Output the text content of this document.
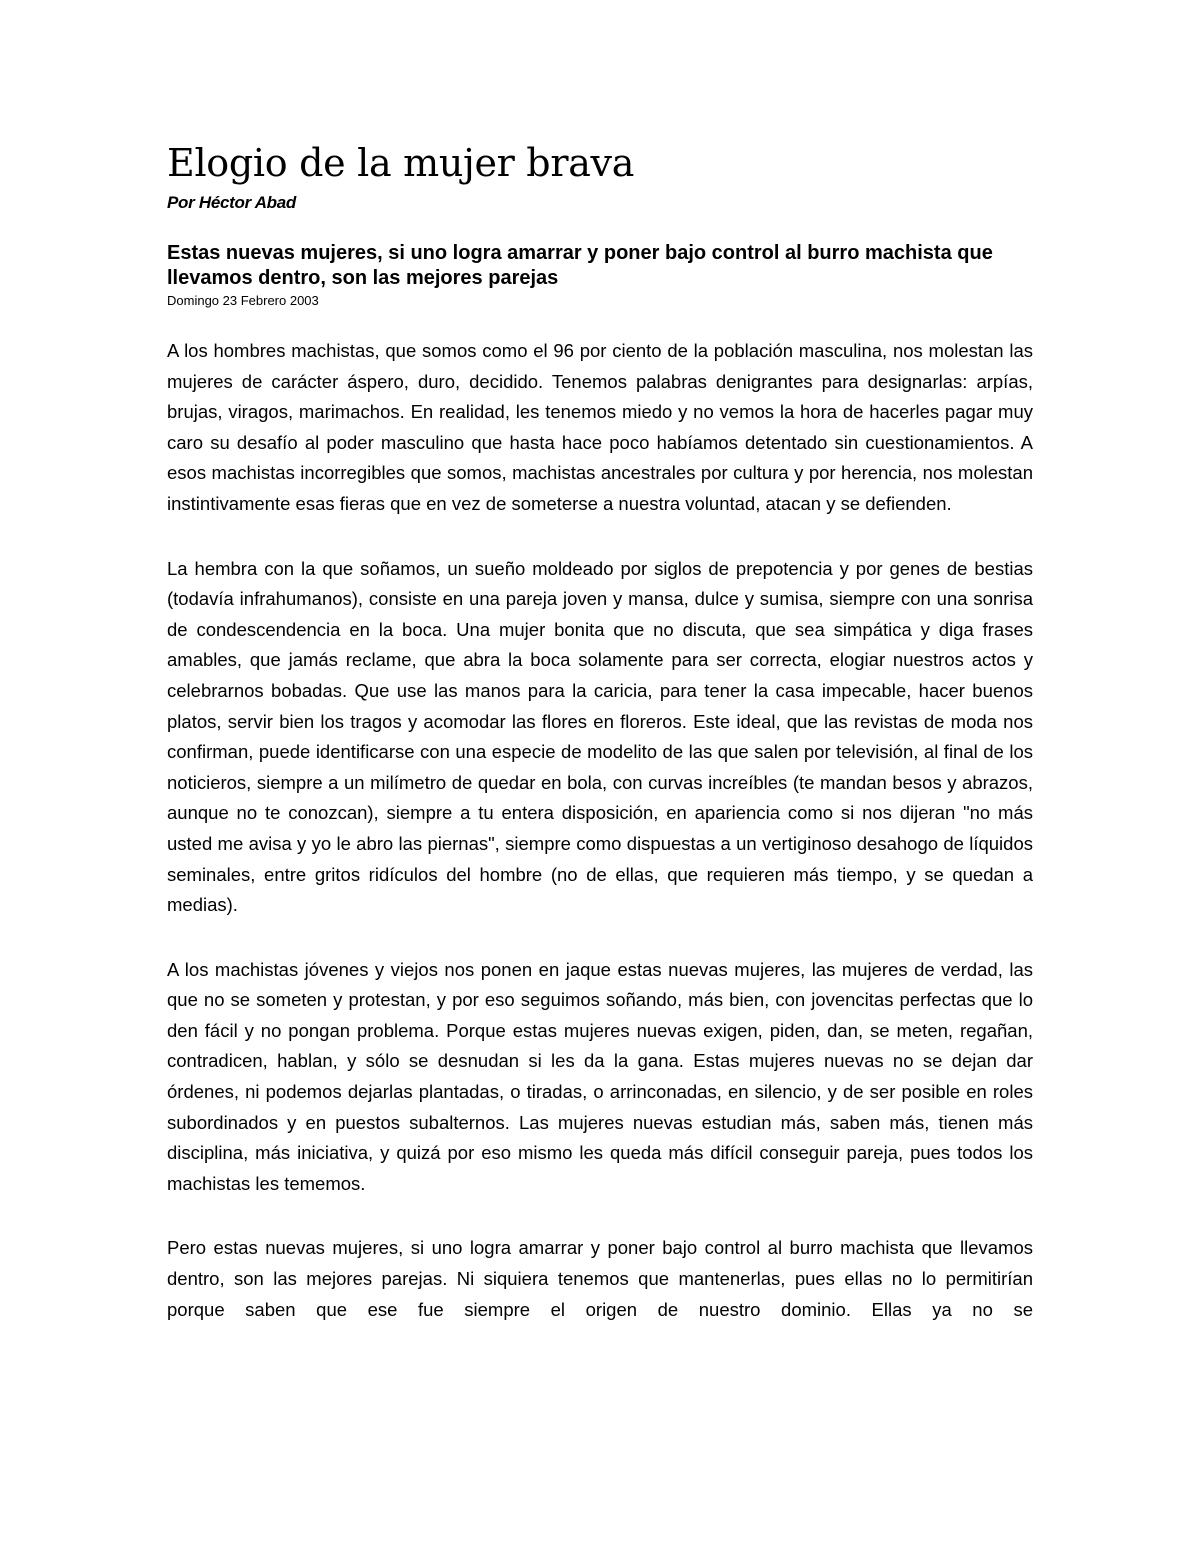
Elogio de la mujer brava

Por Héctor Abad

Estas nuevas mujeres, si uno logra amarrar y poner bajo control al burro machista que llevamos dentro, son las mejores parejas

Domingo 23 Febrero 2003

A los hombres machistas, que somos como el 96 por ciento de la población masculina, nos molestan las mujeres de carácter áspero, duro, decidido. Tenemos palabras denigrantes para designarlas: arpías, brujas, viragos, marimachos. En realidad, les tenemos miedo y no vemos la hora de hacerles pagar muy caro su desafío al poder masculino que hasta hace poco habíamos detentado sin cuestionamientos. A esos machistas incorregibles que somos, machistas ancestrales por cultura y por herencia, nos molestan instintivamente esas fieras que en vez de someterse a nuestra voluntad, atacan y se defienden.

La hembra con la que soñamos, un sueño moldeado por siglos de prepotencia y por genes de bestias (todavía infrahumanos), consiste en una pareja joven y mansa, dulce y sumisa, siempre con una sonrisa de condescendencia en la boca. Una mujer bonita que no discuta, que sea simpática y diga frases amables, que jamás reclame, que abra la boca solamente para ser correcta, elogiar nuestros actos y celebrarnos bobadas. Que use las manos para la caricia, para tener la casa impecable, hacer buenos platos, servir bien los tragos y acomodar las flores en floreros. Este ideal, que las revistas de moda nos confirman, puede identificarse con una especie de modelito de las que salen por televisión, al final de los noticieros, siempre a un milímetro de quedar en bola, con curvas increíbles (te mandan besos y abrazos, aunque no te conozcan), siempre a tu entera disposición, en apariencia como si nos dijeran "no más usted me avisa y yo le abro las piernas", siempre como dispuestas a un vertiginoso desahogo de líquidos seminales, entre gritos ridículos del hombre (no de ellas, que requieren más tiempo, y se quedan a medias).

A los machistas jóvenes y viejos nos ponen en jaque estas nuevas mujeres, las mujeres de verdad, las que no se someten y protestan, y por eso seguimos soñando, más bien, con jovencitas perfectas que lo den fácil y no pongan problema. Porque estas mujeres nuevas exigen, piden, dan, se meten, regañan, contradicen, hablan, y sólo se desnudan si les da la gana. Estas mujeres nuevas no se dejan dar órdenes, ni podemos dejarlas plantadas, o tiradas, o arrinconadas, en silencio, y de ser posible en roles subordinados y en puestos subalternos. Las mujeres nuevas estudian más, saben más, tienen más disciplina, más iniciativa, y quizá por eso mismo les queda más difícil conseguir pareja, pues todos los machistas les tememos.

Pero estas nuevas mujeres, si uno logra amarrar y poner bajo control al burro machista que llevamos dentro, son las mejores parejas. Ni siquiera tenemos que mantenerlas, pues ellas no lo permitirían porque saben que ese fue siempre el origen de nuestro dominio. Ellas ya no se
